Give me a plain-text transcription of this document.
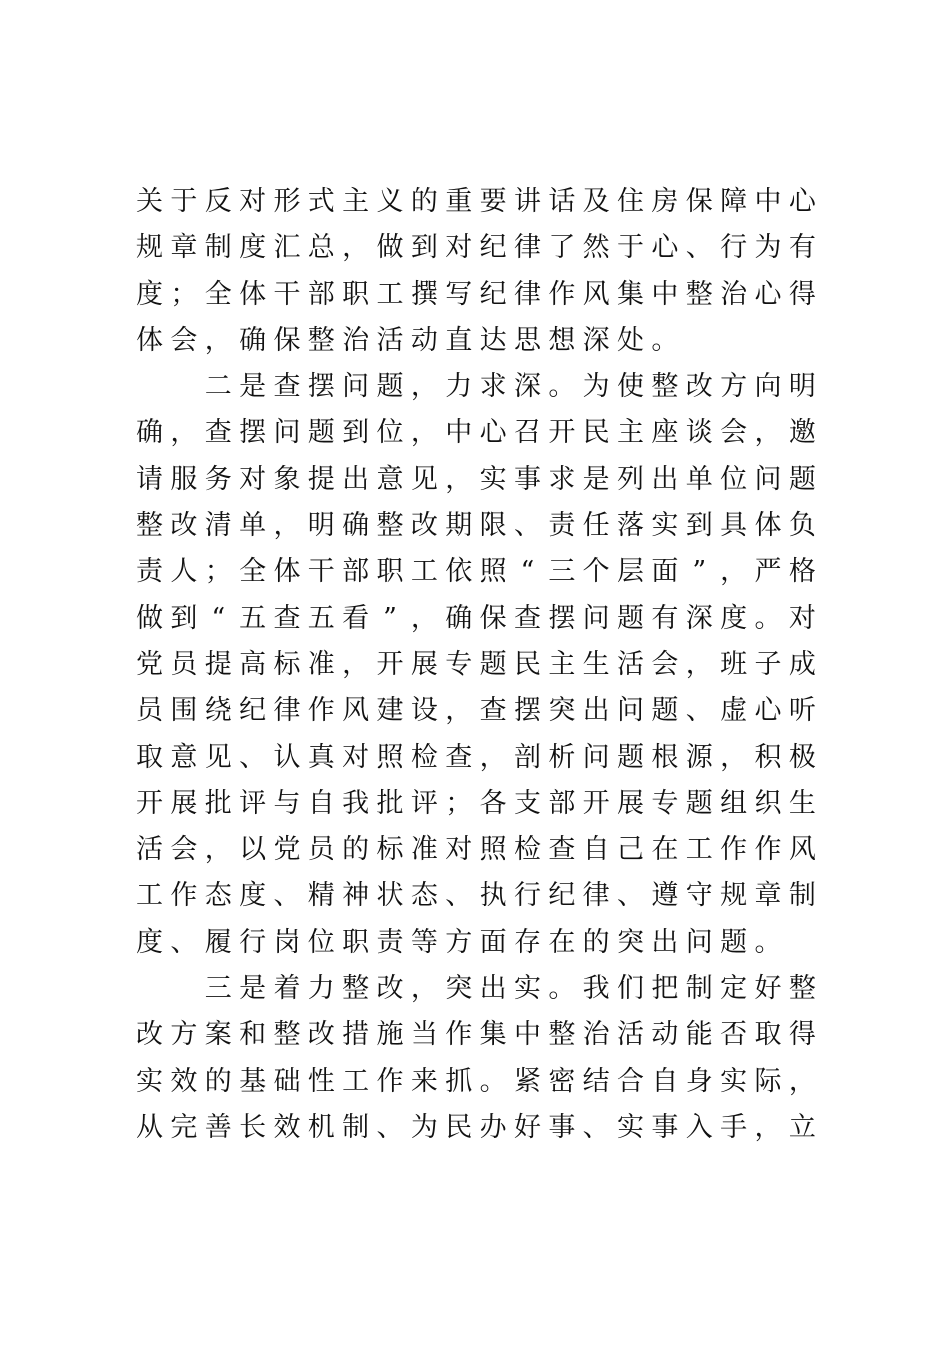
关 于 反 对 形 式 主 义 的 重 要 讲 话 及 住 房 保 障 中 心
规 章 制 度 汇 总 ， 做 到 对 纪 律 了 然 于 心 、 行 为 有
度 ； 全 体 干 部 职 工 撰 写 纪 律 作 风 集 中 整 治 心 得
体 会 ， 确 保 整 治 活 动 直 达 思 想 深 处 。
　　二 是 查 摆 问 题 ， 力 求 深 。 为 使 整 改 方 向 明
确 ， 查 摆 问 题 到 位 ， 中 心 召 开 民 主 座 谈 会 ， 邀
请 服 务 对 象 提 出 意 见 ， 实 事 求 是 列 出 单 位 问 题
整 改 清 单 ， 明 确 整 改 期 限 、 责 任 落 实 到 具 体 负
责 人 ； 全 体 干 部 职 工 依 照 “ 三 个 层 面 ” ， 严 格
做 到 “ 五 查 五 看 ” ， 确 保 查 摆 问 题 有 深 度 。 对
党 员 提 高 标 准 ， 开 展 专 题 民 主 生 活 会 ， 班 子 成
员 围 绕 纪 律 作 风 建 设 ， 查 摆 突 出 问 题 、 虚 心 听
取 意 见 、 认 真 对 照 检 查 ， 剖 析 问 题 根 源 ， 积 极
开 展 批 评 与 自 我 批 评 ； 各 支 部 开 展 专 题 组 织 生
活 会 ， 以 党 员 的 标 准 对 照 检 查 自 己 在 工 作 作 风
工 作 态 度 、 精 神 状 态 、 执 行 纪 律 、 遵 守 规 章 制
度 、 履 行 岗 位 职 责 等 方 面 存 在 的 突 出 问 题 。
　　三 是 着 力 整 改 ， 突 出 实 。 我 们 把 制 定 好 整
改 方 案 和 整 改 措 施 当 作 集 中 整 治 活 动 能 否 取 得
实 效 的 基 础 性 工 作 来 抓 。 紧 密 结 合 自 身 实 际 ，
从 完 善 长 效 机 制 、 为 民 办 好 事 、 实 事 入 手 ， 立
